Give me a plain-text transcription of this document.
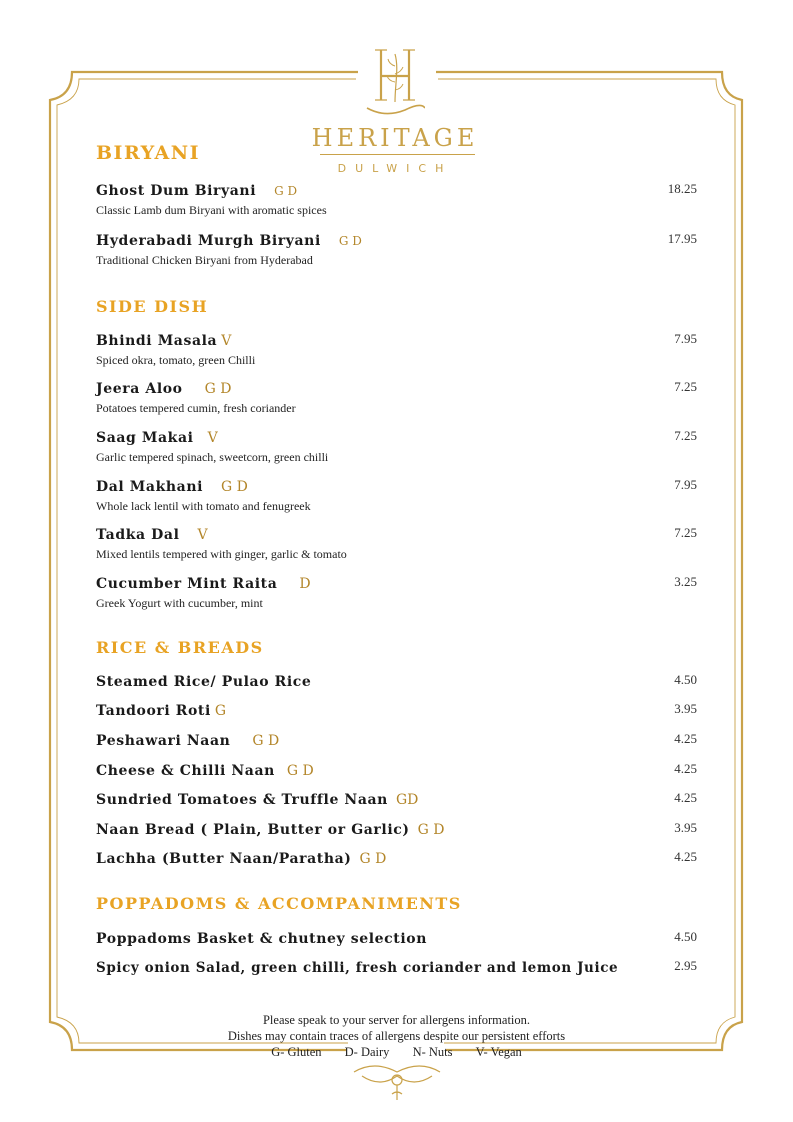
HERITAGE
DULWICH
BIRYANI
Ghost Dum Biryani G D
Classic Lamb dum Biryani with aromatic spices
18.25
Hyderabadi Murgh Biryani G D
Traditional Chicken Biryani from Hyderabad
17.95
SIDE DISH
Bhindi Masala V
Spiced okra, tomato, green Chilli
7.95
Jeera Aloo G D
Potatoes tempered cumin, fresh coriander
7.25
Saag Makai V
Garlic tempered spinach, sweetcorn, green chilli
7.25
Dal Makhani G D
Whole lack lentil with tomato and fenugreek
7.95
Tadka Dal V
Mixed lentils tempered with ginger, garlic & tomato
7.25
Cucumber Mint Raita D
Greek Yogurt with cucumber, mint
3.25
RICE & BREADS
Steamed Rice/ Pulao Rice	4.50
Tandoori Roti G	3.95
Peshawari Naan G D	4.25
Cheese & Chilli Naan G D	4.25
Sundried Tomatoes & Truffle Naan GD	4.25
Naan Bread ( Plain, Butter or Garlic) G D	3.95
Lachha (Butter Naan/Paratha) G D	4.25
POPPADOMS & ACCOMPANIMENTS
Poppadoms Basket & chutney selection	4.50
Spicy onion Salad, green chilli, fresh coriander and lemon Juice	2.95
Please speak to your server for allergens information.
Dishes may contain traces of allergens despite our persistent efforts
G- Gluten D- Dairy N- Nuts V- Vegan
